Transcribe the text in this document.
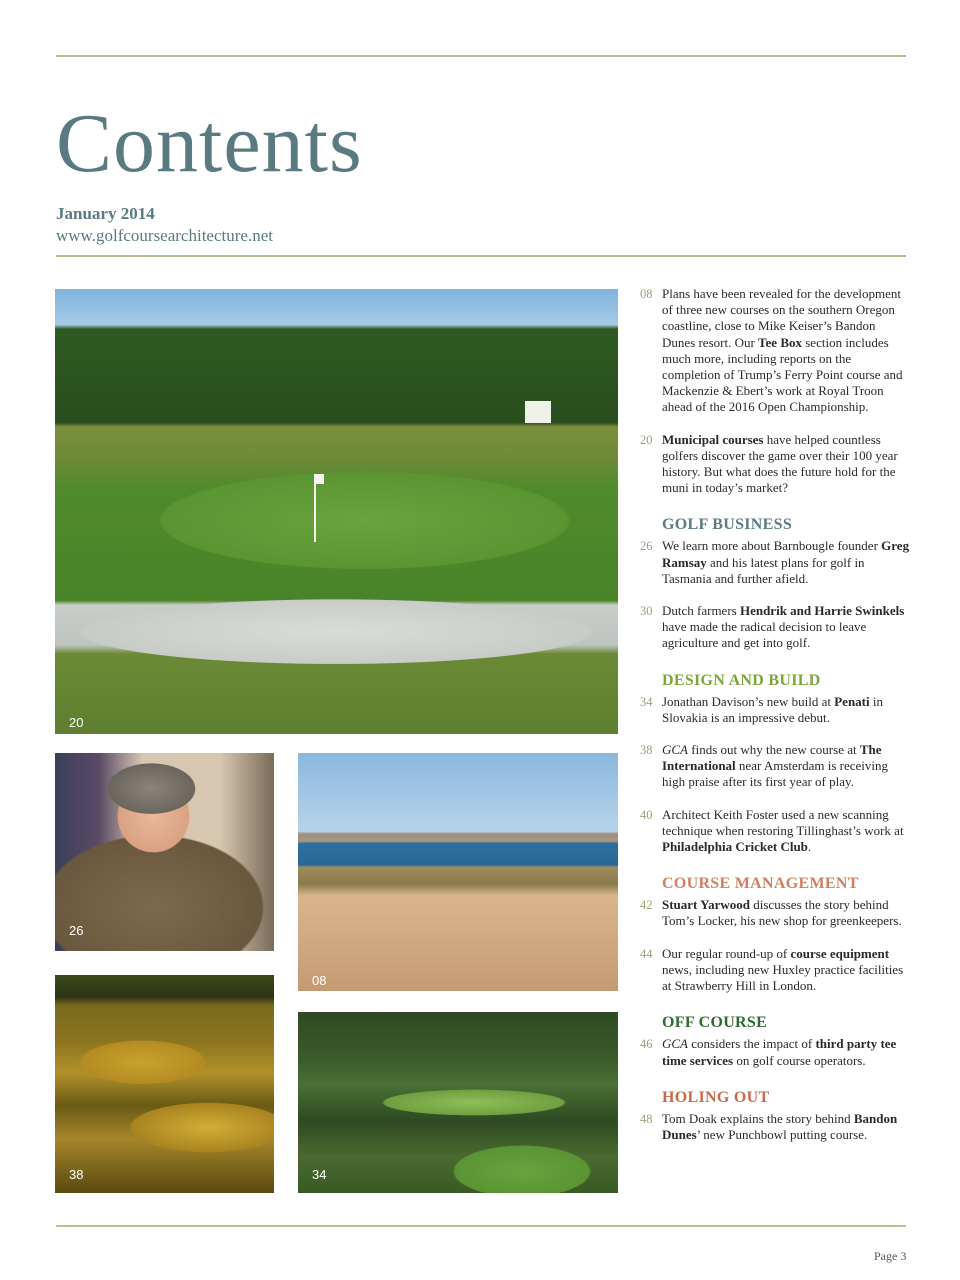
Contents
January 2014
www.golfcoursearchitecture.net
20
26
08
38	34
08 Plans have been revealed for the development of three new courses on the southern Oregon coastline, close to Mike Keiser’s Bandon Dunes resort. Our Tee Box section includes much more, including reports on the completion of Trump’s Ferry Point course and Mackenzie & Ebert’s work at Royal Troon ahead of the 2016 Open Championship.
20 Municipal courses have helped countless golfers discover the game over their 100 year history. But what does the future hold for the muni in today’s market?
GOLF BUSINESS
26 We learn more about Barnbougle founder Greg Ramsay and his latest plans for golf in Tasmania and further afield.
30 Dutch farmers Hendrik and Harrie Swinkels have made the radical decision to leave agriculture and get into golf.
DESIGN AND BUILD
34 Jonathan Davison’s new build at Penati in Slovakia is an impressive debut.
38 GCA finds out why the new course at The International near Amsterdam is receiving high praise after its first year of play.
40 Architect Keith Foster used a new scanning technique when restoring Tillinghast’s work at Philadelphia Cricket Club.
COURSE MANAGEMENT
42 Stuart Yarwood discusses the story behind Tom’s Locker, his new shop for greenkeepers.
44 Our regular round-up of course equipment news, including new Huxley practice facilities at Strawberry Hill in London.
OFF COURSE
46 GCA considers the impact of third party tee time services on golf course operators.
HOLING OUT
48 Tom Doak explains the story behind Bandon Dunes’ new Punchbowl putting course.
Page 3
